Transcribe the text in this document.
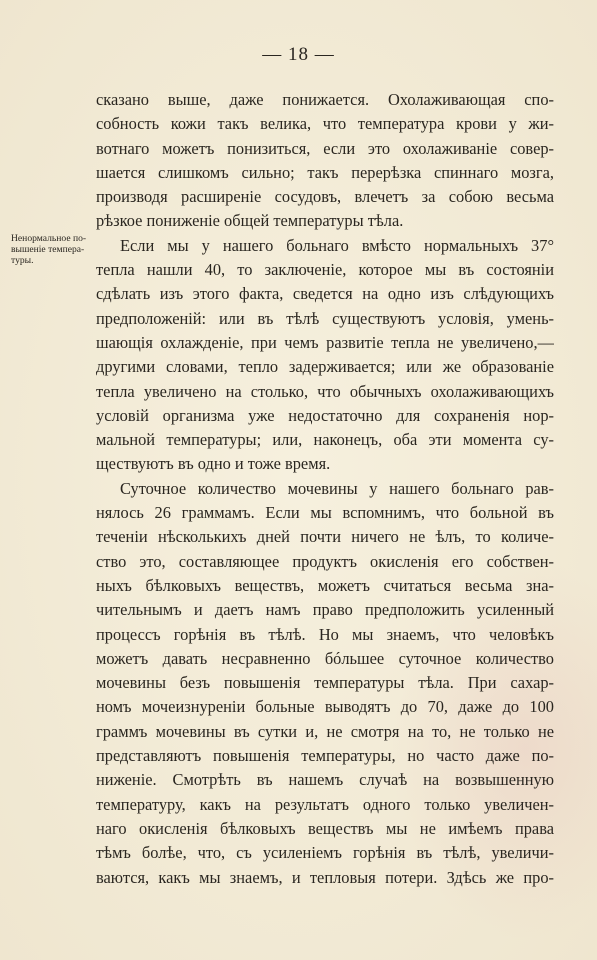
— 18 —
Ненормальное по-
вышеніе темпера-
туры.
сказано выше, даже понижается. Охолаживающая спо-
собность кожи такъ велика, что температура крови у жи-
вотнаго можетъ понизиться, если это охолаживаніе совер-
шается слишкомъ сильно; такъ перерѣзка спиннаго мозга,
производя расширеніе сосудовъ, влечетъ за собою весьма
рѣзкое пониженіе общей температуры тѣла.
Если мы у нашего больнаго вмѣсто нормальныхъ 37°
тепла нашли 40, то заключеніе, которое мы въ состояніи
сдѣлать изъ этого факта, сведется на одно изъ слѣдующихъ
предположеній: или въ тѣлѣ существуютъ условія, умень-
шающія охлажденіе, при чемъ развитіе тепла не увеличено,—
другими словами, тепло задерживается; или же образованіе
тепла увеличено на столько, что обычныхъ охолаживающихъ
условій организма уже недостаточно для сохраненія нор-
мальной температуры; или, наконецъ, оба эти момента су-
ществуютъ въ одно и тоже время.
Суточное количество мочевины у нашего больнаго рав-
нялось 26 граммамъ. Если мы вспомнимъ, что больной въ
теченіи нѣсколькихъ дней почти ничего не ѣлъ, то количе-
ство это, составляющее продуктъ окисленія его собствен-
ныхъ бѣлковыхъ веществъ, можетъ считаться весьма зна-
чительнымъ и даетъ намъ право предположить усиленный
процессъ горѣнія въ тѣлѣ. Но мы знаемъ, что человѣкъ
можетъ давать несравненно бóльшее суточное количество
мочевины безъ повышенія температуры тѣла. При сахар-
номъ мочеизнуреніи больные выводятъ до 70, даже до 100
граммъ мочевины въ сутки и, не смотря на то, не только не
представляютъ повышенія температуры, но часто даже по-
ниженіе. Смотрѣть въ нашемъ случаѣ на возвышенную
температуру, какъ на результатъ одного только увеличен-
наго окисленія бѣлковыхъ веществъ мы не имѣемъ права
тѣмъ болѣе, что, съ усиленіемъ горѣнія въ тѣлѣ, увеличи-
ваются, какъ мы знаемъ, и тепловыя потери. Здѣсь же про-
